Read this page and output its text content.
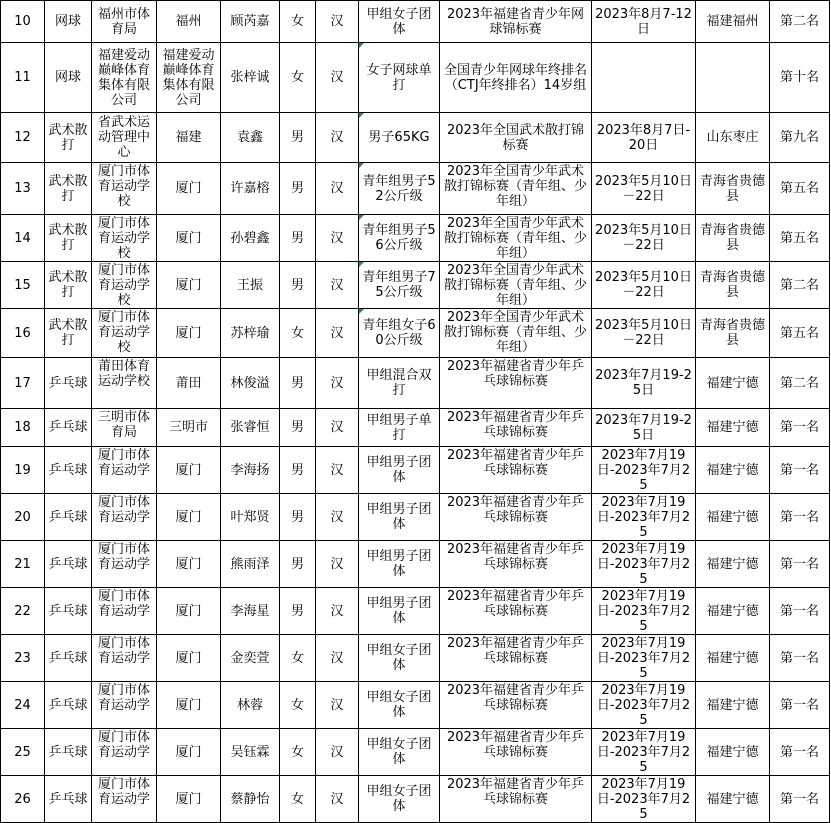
10	网球	福州市体育局	福州	顾芮嘉	女	汉	甲组女子团体	2023年福建省青少年网球锦标赛	2023年8月7-12日	福建福州	第二名
11	网球	福建爱动巅峰体育集体有限公司	福建爱动巅峰体育集体有限公司	张梓诚	女	汉	女子网球单打	全国青少年网球年终排名（CTJ年终排名）14岁组			第十名
12	武术散打	省武术运动管理中心	福建	袁鑫	男	汉	男子65KG	2023年全国武术散打锦标赛	2023年8月7日-20日	山东枣庄	第九名
13	武术散打	厦门市体育运动学校	厦门	许嘉榕	男	汉	青年组男子52公斤级	2023年全国青少年武术散打锦标赛（青年组、少年组）	2023年5月10日－22日	青海省贵德县	第五名
14	武术散打	厦门市体育运动学校	厦门	孙碧鑫	男	汉	青年组男子56公斤级	2023年全国青少年武术散打锦标赛（青年组、少年组）	2023年5月10日－22日	青海省贵德县	第五名
15	武术散打	厦门市体育运动学校	厦门	王振	男	汉	青年组男子75公斤级	2023年全国青少年武术散打锦标赛（青年组、少年组）	2023年5月10日－22日	青海省贵德县	第二名
16	武术散打	厦门市体育运动学校	厦门	苏梓瑜	女	汉	青年组女子60公斤级	2023年全国青少年武术散打锦标赛（青年组、少年组）	2023年5月10日－22日	青海省贵德县	第五名
17	乒乓球	莆田体育运动学校	莆田	林俊溢	男	汉	甲组混合双打	2023年福建省青少年乒乓球锦标赛	2023年7月19-25日	福建宁德	第二名
18	乒乓球	三明市体育局	三明市	张睿恒	男	汉	甲组男子单打	2023年福建省青少年乒乓球锦标赛	2023年7月19-25日	福建宁德	第一名
19	乒乓球	厦门市体育运动学	厦门	李海扬	男	汉	甲组男子团体	2023年福建省青少年乒乓球锦标赛	2023年7月19日-2023年7月25	福建宁德	第一名
20	乒乓球	厦门市体育运动学	厦门	叶郑贤	男	汉	甲组男子团体	2023年福建省青少年乒乓球锦标赛	2023年7月19日-2023年7月25	福建宁德	第一名
21	乒乓球	厦门市体育运动学	厦门	熊雨泽	男	汉	甲组男子团体	2023年福建省青少年乒乓球锦标赛	2023年7月19日-2023年7月25	福建宁德	第一名
22	乒乓球	厦门市体育运动学	厦门	李海星	男	汉	甲组男子团体	2023年福建省青少年乒乓球锦标赛	2023年7月19日-2023年7月25	福建宁德	第一名
23	乒乓球	厦门市体育运动学	厦门	金奕萱	女	汉	甲组女子团体	2023年福建省青少年乒乓球锦标赛	2023年7月19日-2023年7月25	福建宁德	第一名
24	乒乓球	厦门市体育运动学	厦门	林蓉	女	汉	甲组女子团体	2023年福建省青少年乒乓球锦标赛	2023年7月19日-2023年7月25	福建宁德	第一名
25	乒乓球	厦门市体育运动学	厦门	吴钰霖	女	汉	甲组女子团体	2023年福建省青少年乒乓球锦标赛	2023年7月19日-2023年7月25	福建宁德	第一名
26	乒乓球	厦门市体育运动学	厦门	蔡静怡	女	汉	甲组女子团体	2023年福建省青少年乒乓球锦标赛	2023年7月19日-2023年7月25	福建宁德	第一名
